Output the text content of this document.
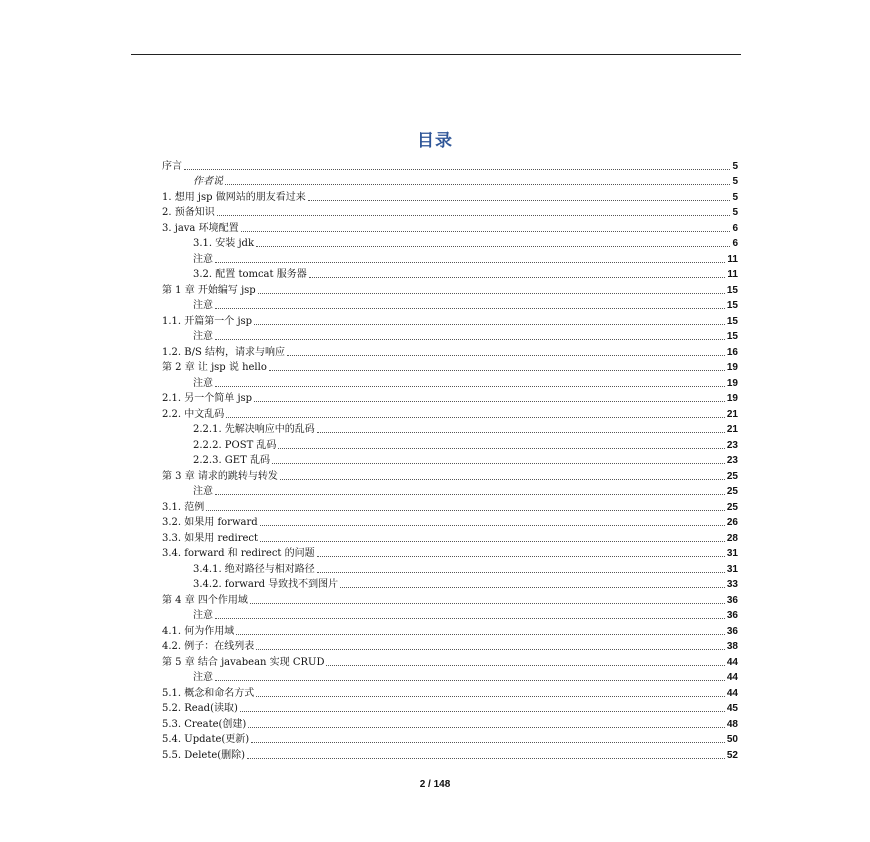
目录
序言	5
作者说	5
1. 想用 jsp 做网站的朋友看过来	5
2. 预备知识	5
3. java 环境配置	6
3.1. 安装 jdk	6
注意	11
3.2. 配置 tomcat 服务器	11
第 1 章 开始编写 jsp	15
注意	15
1.1. 开篇第一个 jsp	15
注意	15
1.2. B/S 结构，请求与响应	16
第 2 章 让 jsp 说 hello	19
注意	19
2.1. 另一个简单 jsp	19
2.2. 中文乱码	21
2.2.1. 先解决响应中的乱码	21
2.2.2. POST 乱码	23
2.2.3. GET 乱码	23
第 3 章 请求的跳转与转发	25
注意	25
3.1. 范例	25
3.2. 如果用 forward	26
3.3. 如果用 redirect	28
3.4. forward 和 redirect 的问题	31
3.4.1. 绝对路径与相对路径	31
3.4.2. forward 导致找不到图片	33
第 4 章 四个作用域	36
注意	36
4.1. 何为作用域	36
4.2. 例子：在线列表	38
第 5 章 结合 javabean 实现 CRUD	44
注意	44
5.1. 概念和命名方式	44
5.2. Read(读取)	45
5.3. Create(创建)	48
5.4. Update(更新)	50
5.5. Delete(删除)	52
2 / 148
